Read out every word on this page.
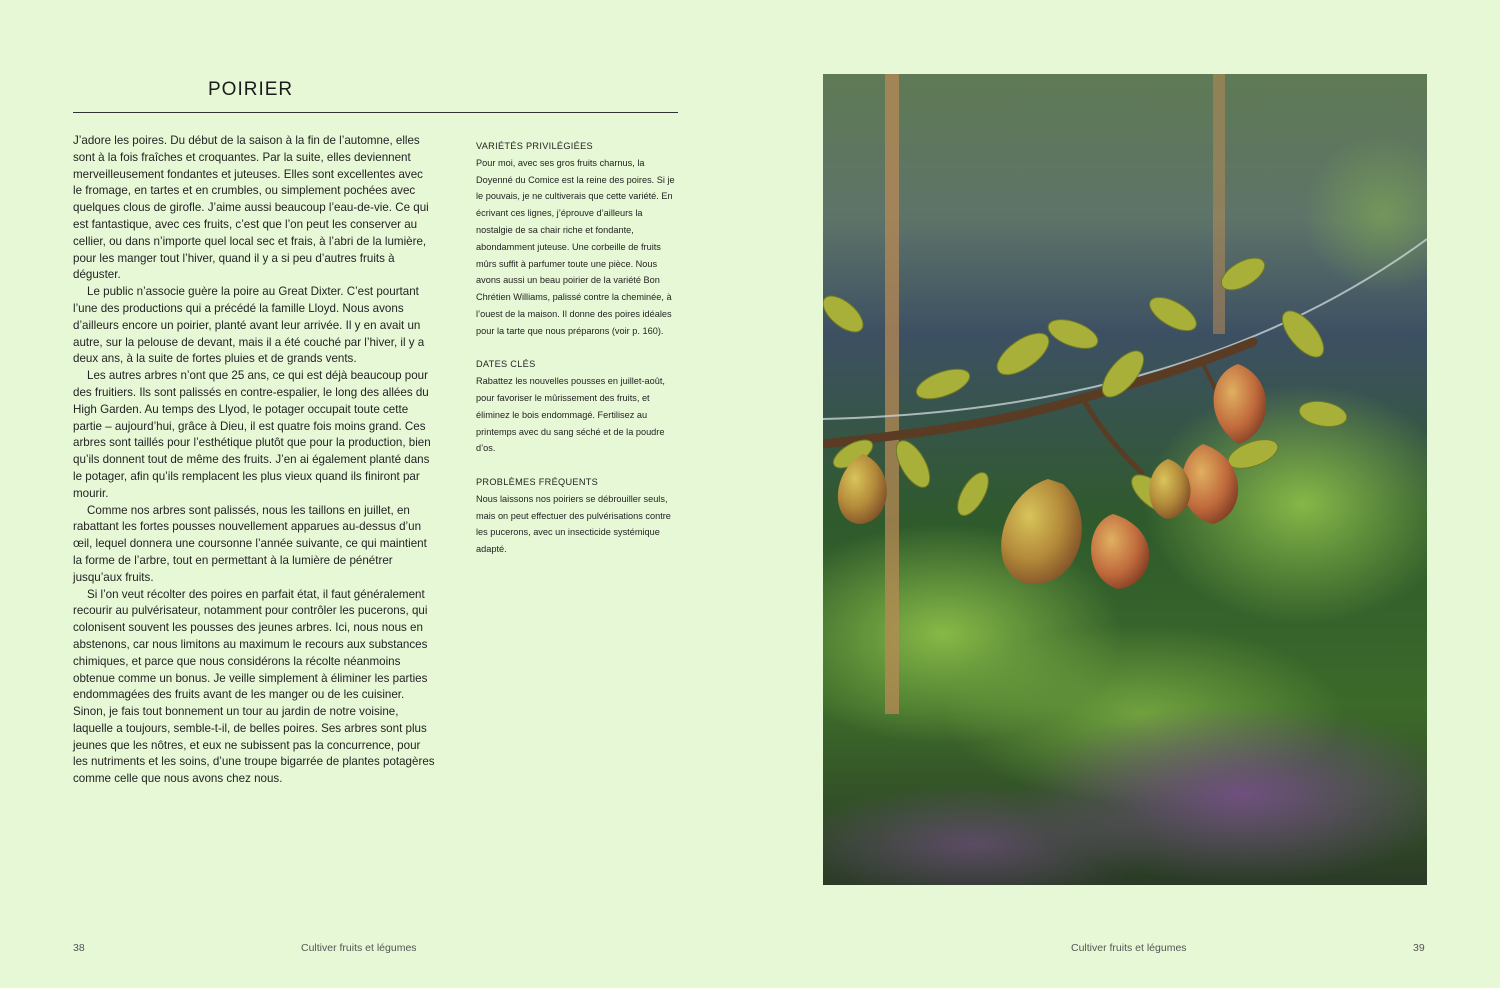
POIRIER

J’adore les poires. Du début de la saison à la fin de l’automne, elles sont à la fois fraîches et croquantes. Par la suite, elles deviennent merveilleusement fondantes et juteuses. Elles sont excellentes avec le fromage, en tartes et en crumbles, ou simplement pochées avec quelques clous de girofle. J’aime aussi beaucoup l’eau-de-vie. Ce qui est fantastique, avec ces fruits, c’est que l’on peut les conserver au cellier, ou dans n’importe quel local sec et frais, à l’abri de la lumière, pour les manger tout l’hiver, quand il y a si peu d’autres fruits à déguster.

Le public n’associe guère la poire au Great Dixter. C’est pourtant l’une des productions qui a précédé la famille Lloyd. Nous avons d’ailleurs encore un poirier, planté avant leur arrivée. Il y en avait un autre, sur la pelouse de devant, mais il a été couché par l’hiver, il y a deux ans, à la suite de fortes pluies et de grands vents.

Les autres arbres n’ont que 25 ans, ce qui est déjà beaucoup pour des fruitiers. Ils sont palissés en contre-espalier, le long des allées du High Garden. Au temps des Llyod, le potager occupait toute cette partie – aujourd’hui, grâce à Dieu, il est quatre fois moins grand. Ces arbres sont taillés pour l’esthétique plutôt que pour la production, bien qu’ils donnent tout de même des fruits. J’en ai également planté dans le potager, afin qu’ils remplacent les plus vieux quand ils finiront par mourir.

Comme nos arbres sont palissés, nous les taillons en juillet, en rabattant les fortes pousses nouvellement apparues au-dessus d’un œil, lequel donnera une coursonne l’année suivante, ce qui maintient la forme de l’arbre, tout en permettant à la lumière de pénétrer jusqu’aux fruits.

Si l’on veut récolter des poires en parfait état, il faut généralement recourir au pulvérisateur, notamment pour contrôler les pucerons, qui colonisent souvent les pousses des jeunes arbres. Ici, nous nous en abstenons, car nous limitons au maximum le recours aux substances chimiques, et parce que nous considérons la récolte néanmoins obtenue comme un bonus. Je veille simplement à éliminer les parties endommagées des fruits avant de les manger ou de les cuisiner. Sinon, je fais tout bonnement un tour au jardin de notre voisine, laquelle a toujours, semble-t-il, de belles poires. Ses arbres sont plus jeunes que les nôtres, et eux ne subissent pas la concurrence, pour les nutriments et les soins, d’une troupe bigarrée de plantes potagères comme celle que nous avons chez nous.

VARIÉTÉS PRIVILÉGIÉES

Pour moi, avec ses gros fruits charnus, la Doyenné du Comice est la reine des poires. Si je le pouvais, je ne cultiverais que cette variété. En écrivant ces lignes, j’éprouve d’ailleurs la nostalgie de sa chair riche et fondante, abondamment juteuse. Une corbeille de fruits mûrs suffit à parfumer toute une pièce. Nous avons aussi un beau poirier de la variété Bon Chrétien Williams, palissé contre la cheminée, à l’ouest de la maison. Il donne des poires idéales pour la tarte que nous préparons (voir p. 160).

DATES CLÉS

Rabattez les nouvelles pousses en juillet-août, pour favoriser le mûrissement des fruits, et éliminez le bois endommagé. Fertilisez au printemps avec du sang séché et de la poudre d’os.

PROBLÈMES FRÉQUENTS

Nous laissons nos poiriers se débrouiller seuls, mais on peut effectuer des pulvérisations contre les pucerons, avec un insecticide systémique adapté.

38	Cultiver fruits et légumes	Cultiver fruits et légumes	39
